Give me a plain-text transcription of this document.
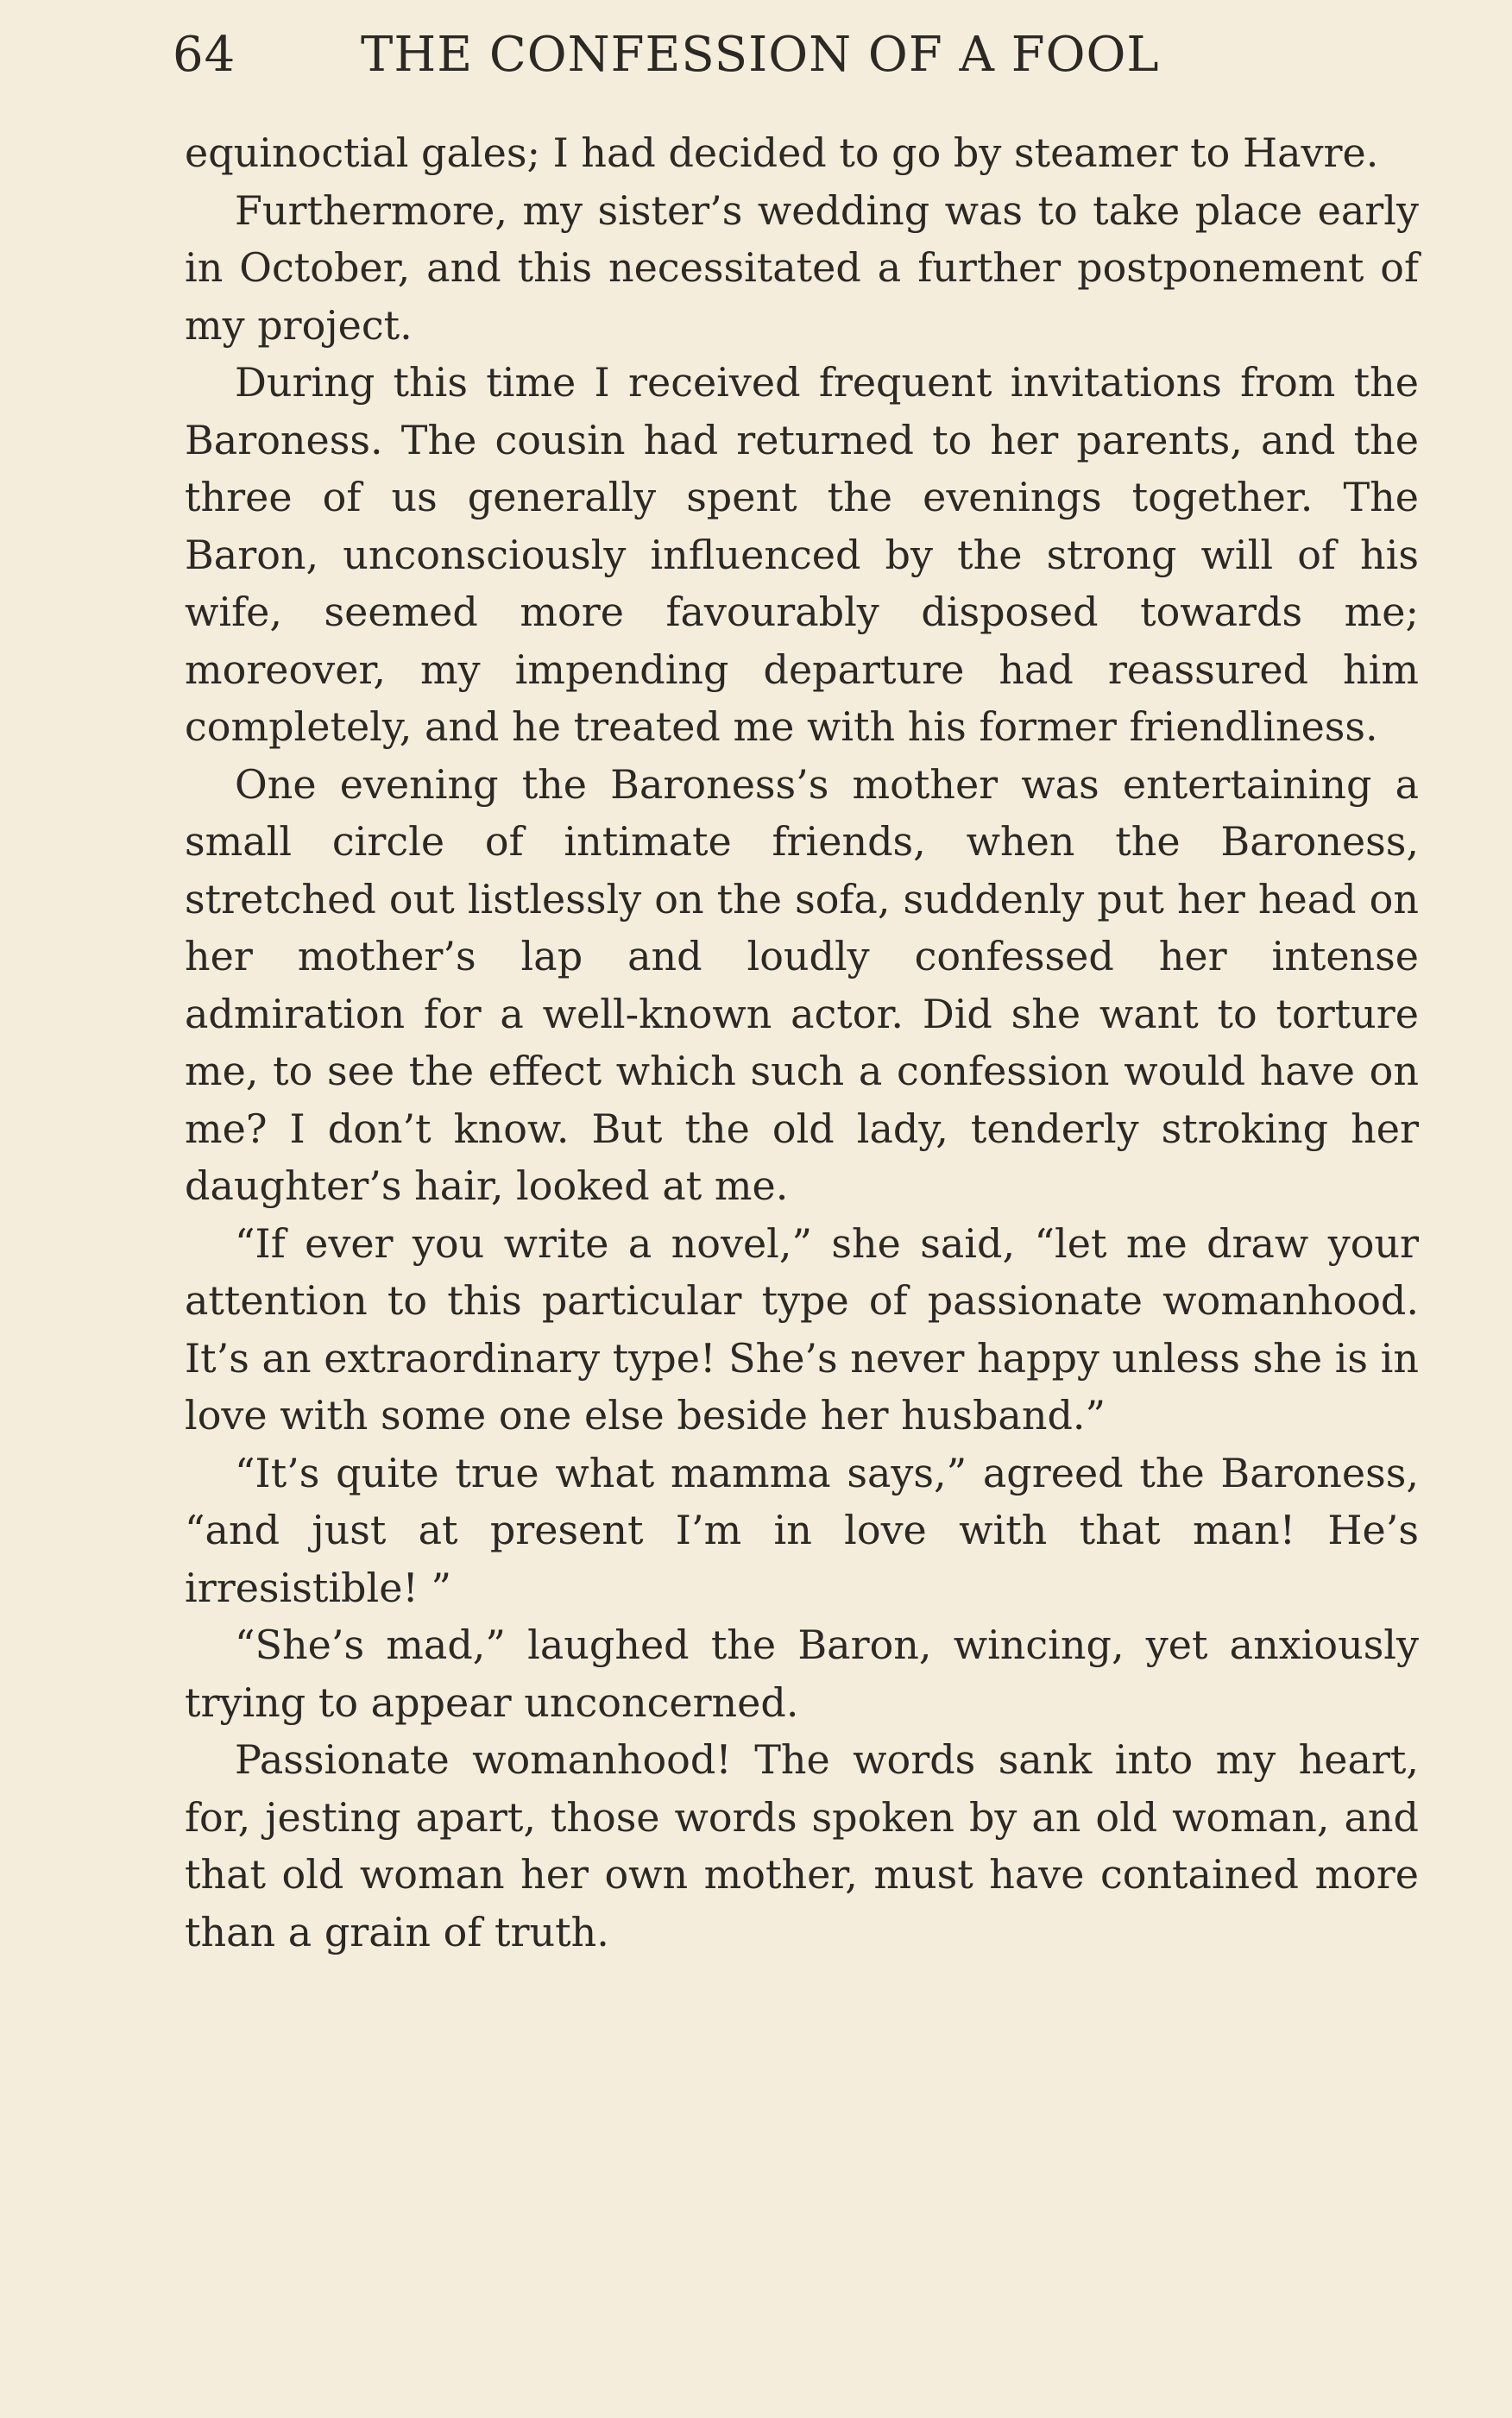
64	THE CONFESSION OF A FOOL

equinoctial gales; I had decided to go by steamer to Havre.

Furthermore, my sister’s wedding was to take place early in October, and this necessitated a further postponement of my project.

During this time I received frequent invitations from the Baroness. The cousin had returned to her parents, and the three of us generally spent the evenings together. The Baron, unconsciously influenced by the strong will of his wife, seemed more favourably disposed towards me; moreover, my impending departure had reassured him completely, and he treated me with his former friendliness.

One evening the Baroness’s mother was entertaining a small circle of intimate friends, when the Baroness, stretched out listlessly on the sofa, suddenly put her head on her mother’s lap and loudly confessed her intense admiration for a well-known actor. Did she want to torture me, to see the effect which such a confession would have on me? I don’t know. But the old lady, tenderly stroking her daughter’s hair, looked at me.

“If ever you write a novel,” she said, “let me draw your attention to this particular type of passionate womanhood. It’s an extraordinary type! She’s never happy unless she is in love with some one else beside her husband.”

“It’s quite true what mamma says,” agreed the Baroness, “and just at present I’m in love with that man! He’s irresistible! ”

“She’s mad,” laughed the Baron, wincing, yet anxiously trying to appear unconcerned.

Passionate womanhood! The words sank into my heart, for, jesting apart, those words spoken by an old woman, and that old woman her own mother, must have contained more than a grain of truth.
